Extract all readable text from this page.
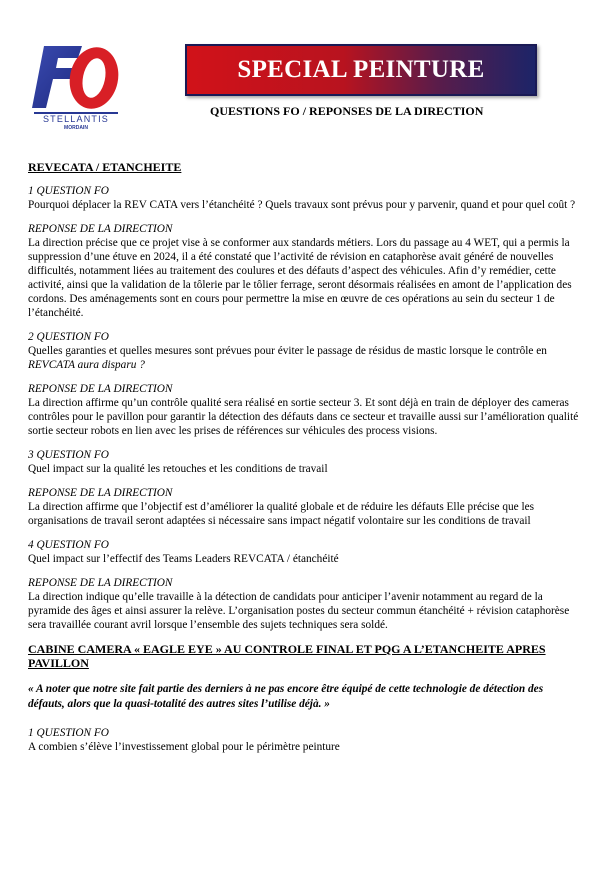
STELLANTIS
MORDAIN
SPECIAL PEINTURE
QUESTIONS FO / REPONSES DE LA DIRECTION

REVECATA / ETANCHEITE

1 QUESTION FO

Pourquoi déplacer la REV CATA vers l’étanchéité ? Quels travaux sont prévus pour y parvenir, quand et pour quel coût ?

REPONSE DE LA DIRECTION

La direction précise que ce projet vise à se conformer aux standards métiers. Lors du passage au 4 WET, qui a permis la suppression d’une étuve en 2024, il a été constaté que l’activité de révision en cataphorèse avait généré de nouvelles difficultés, notamment liées au traitement des coulures et des défauts d’aspect des véhicules. Afin d’y remédier, cette activité, ainsi que la validation de la tôlerie par le tôlier ferrage, seront désormais réalisées en amont de l’application des cordons. Des aménagements sont en cours pour permettre la mise en œuvre de ces opérations au sein du secteur 1 de l’étanchéité.

2 QUESTION FO

Quelles garanties et quelles mesures sont prévues pour éviter le passage de résidus de mastic lorsque le contrôle en

REVCATA aura disparu ?

REPONSE DE LA DIRECTION

La direction affirme qu’un contrôle qualité sera réalisé en sortie secteur 3. Et sont déjà en train de déployer des cameras contrôles pour le pavillon pour garantir la détection des défauts dans ce secteur et travaille aussi sur l’amélioration qualité sortie secteur robots en lien avec les prises de références sur véhicules des process visions.

3 QUESTION FO

Quel impact sur la qualité les retouches et les conditions de travail

REPONSE DE LA DIRECTION

La direction affirme que l’objectif est d’améliorer la qualité globale et de réduire les défauts Elle précise que les organisations de travail seront adaptées si nécessaire sans impact négatif volontaire sur les conditions de travail

4 QUESTION FO

Quel impact sur l’effectif des Teams Leaders REVCATA / étanchéité

REPONSE DE LA DIRECTION

La direction indique qu’elle travaille à la détection de candidats pour anticiper l’avenir notamment au regard de la pyramide des âges et ainsi assurer la relève. L’organisation postes du secteur commun étanchéité + révision cataphorèse sera travaillée courant avril lorsque l’ensemble des sujets techniques sera soldé.

CABINE CAMERA « EAGLE EYE » AU CONTROLE FINAL ET PQG A L’ETANCHEITE APRES PAVILLON

« A noter que notre site fait partie des derniers à ne pas encore être équipé de cette technologie de détection des défauts, alors que la quasi-totalité des autres sites l’utilise déjà. »

1 QUESTION FO

A combien s’élève l’investissement global pour le périmètre peinture
